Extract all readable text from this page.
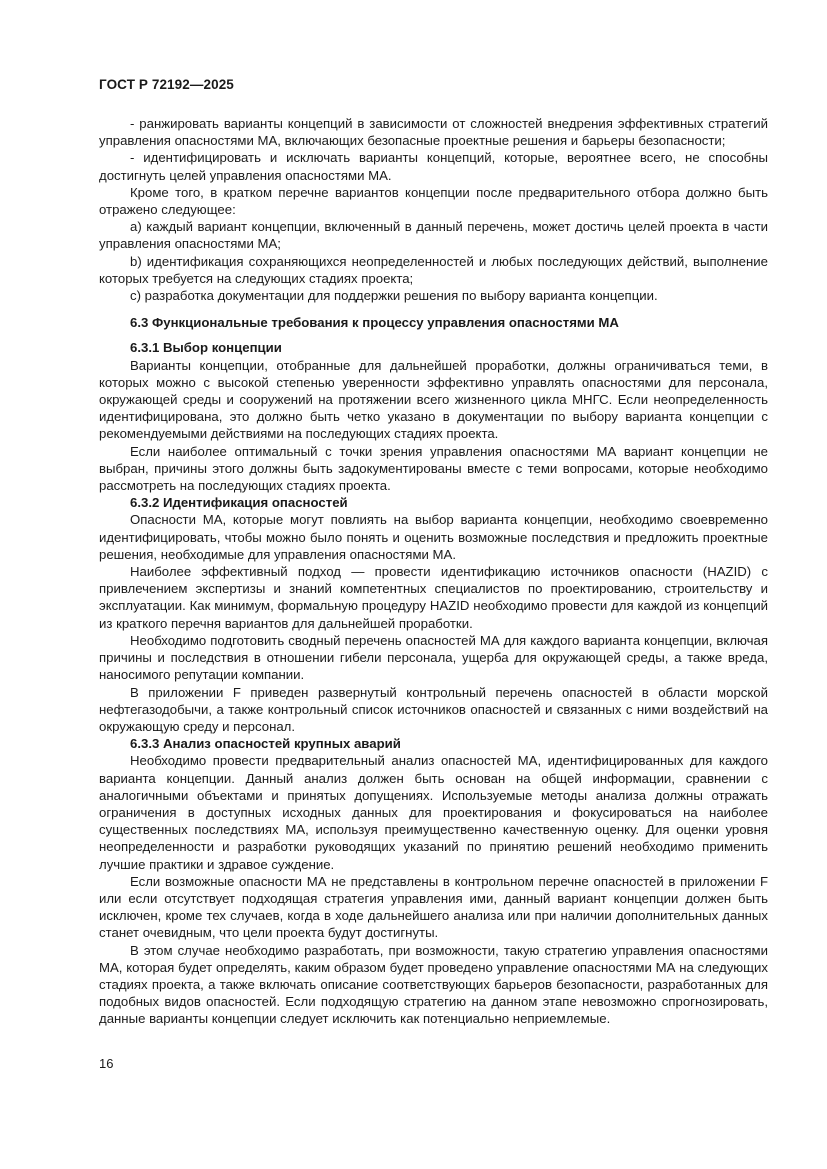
ГОСТ Р 72192—2025

- ранжировать варианты концепций в зависимости от сложностей внедрения эффективных стратегий управления опасностями МА, включающих безопасные проектные решения и барьеры безопасности;

- идентифицировать и исключать варианты концепций, которые, вероятнее всего, не способны достигнуть целей управления опасностями МА.

Кроме того, в кратком перечне вариантов концепции после предварительного отбора должно быть отражено следующее:

a) каждый вариант концепции, включенный в данный перечень, может достичь целей проекта в части управления опасностями МА;

b) идентификация сохраняющихся неопределенностей и любых последующих действий, выполнение которых требуется на следующих стадиях проекта;

c) разработка документации для поддержки решения по выбору варианта концепции.

6.3 Функциональные требования к процессу управления опасностями МА

6.3.1 Выбор концепции

Варианты концепции, отобранные для дальнейшей проработки, должны ограничиваться теми, в которых можно с высокой степенью уверенности эффективно управлять опасностями для персонала, окружающей среды и сооружений на протяжении всего жизненного цикла МНГС. Если неопределенность идентифицирована, это должно быть четко указано в документации по выбору варианта концепции с рекомендуемыми действиями на последующих стадиях проекта.

Если наиболее оптимальный с точки зрения управления опасностями МА вариант концепции не выбран, причины этого должны быть задокументированы вместе с теми вопросами, которые необходимо рассмотреть на последующих стадиях проекта.

6.3.2 Идентификация опасностей

Опасности МА, которые могут повлиять на выбор варианта концепции, необходимо своевременно идентифицировать, чтобы можно было понять и оценить возможные последствия и предложить проектные решения, необходимые для управления опасностями МА.

Наиболее эффективный подход — провести идентификацию источников опасности (HAZID) с привлечением экспертизы и знаний компетентных специалистов по проектированию, строительству и эксплуатации. Как минимум, формальную процедуру HAZID необходимо провести для каждой из концепций из краткого перечня вариантов для дальнейшей проработки.

Необходимо подготовить сводный перечень опасностей МА для каждого варианта концепции, включая причины и последствия в отношении гибели персонала, ущерба для окружающей среды, а также вреда, наносимого репутации компании.

В приложении F приведен развернутый контрольный перечень опасностей в области морской нефтегазодобычи, а также контрольный список источников опасностей и связанных с ними воздействий на окружающую среду и персонал.

6.3.3 Анализ опасностей крупных аварий

Необходимо провести предварительный анализ опасностей МА, идентифицированных для каждого варианта концепции. Данный анализ должен быть основан на общей информации, сравнении с аналогичными объектами и принятых допущениях. Используемые методы анализа должны отражать ограничения в доступных исходных данных для проектирования и фокусироваться на наиболее существенных последствиях МА, используя преимущественно качественную оценку. Для оценки уровня неопределенности и разработки руководящих указаний по принятию решений необходимо применить лучшие практики и здравое суждение.

Если возможные опасности МА не представлены в контрольном перечне опасностей в приложении F или если отсутствует подходящая стратегия управления ими, данный вариант концепции должен быть исключен, кроме тех случаев, когда в ходе дальнейшего анализа или при наличии дополнительных данных станет очевидным, что цели проекта будут достигнуты.

В этом случае необходимо разработать, при возможности, такую стратегию управления опасностями МА, которая будет определять, каким образом будет проведено управление опасностями МА на следующих стадиях проекта, а также включать описание соответствующих барьеров безопасности, разработанных для подобных видов опасностей. Если подходящую стратегию на данном этапе невозможно спрогнозировать, данные варианты концепции следует исключить как потенциально неприемлемые.

16
